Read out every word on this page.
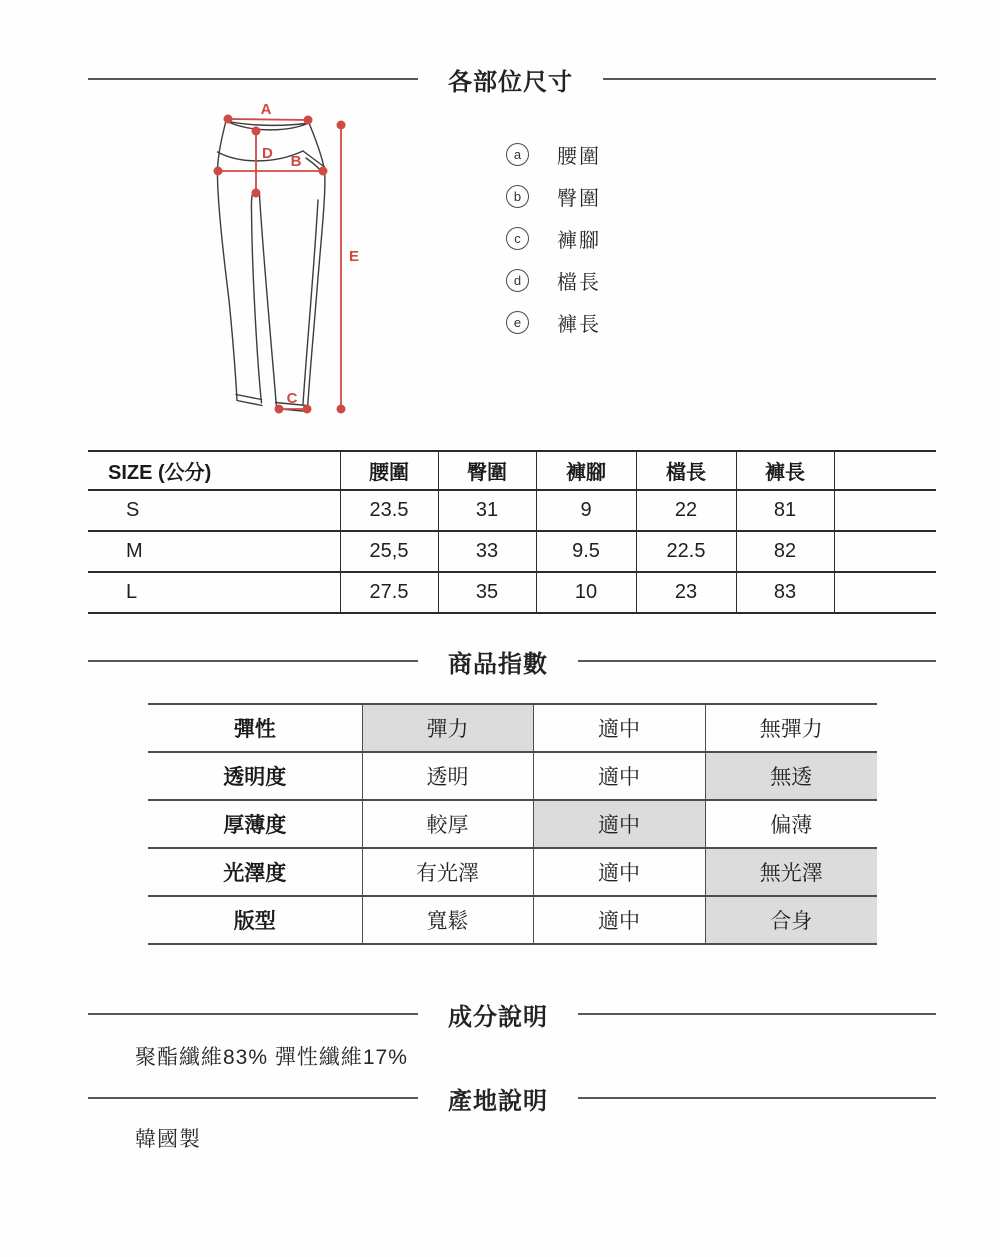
各部位尺寸
A
D B
E
C
a	腰圍
b	臀圍
c	褲腳
d	檔長
e	褲長
SIZE (公分)	腰圍	臀圍	褲腳	檔長	褲長	
S	23.5	31	9	22	81	
M	25,5	33	9.5	22.5	82	
L	27.5	35	10	23	83	
商品指數
彈性	彈力	適中	無彈力
透明度	透明	適中	無透
厚薄度	較厚	適中	偏薄
光澤度	有光澤	適中	無光澤
版型	寬鬆	適中	合身
成分說明
聚酯纖維83% 彈性纖維17%
產地說明
韓國製
